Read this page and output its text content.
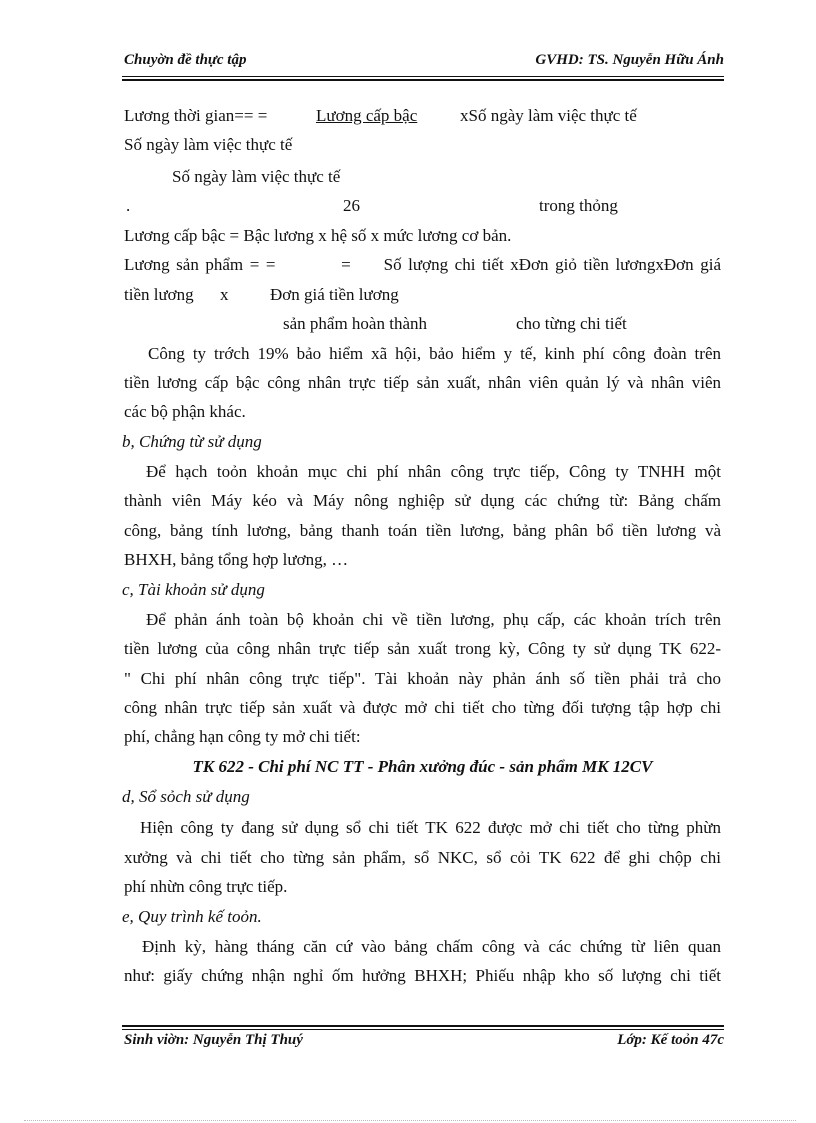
Chuyờn đề thực tập	GVHD: TS. Nguyễn Hữu Ánh
Lương thời gian== =	Lương cấp bậc	xSố ngày làm việc thực tế
Số ngày làm việc thực tế
Số ngày làm việc thực tế
.	26	trong thỏng
Lương cấp bậc = Bậc lương x hệ số x mức lương cơ bản.
Lương sản phẩm = =          =     Số lượng chi tiết xĐơn giỏ tiền lươngxĐơn giá
tiền lương x Đơn giá tiền lương
sản phẩm hoàn thành	cho từng chi tiết
Công ty trớch 19% bảo hiểm xã hội, bảo hiểm y tế, kinh phí công đoàn trên
tiền lương cấp bậc công nhân trực tiếp sản xuất, nhân viên quản lý và nhân viên
các bộ phận khác.
b, Chứng từ sử dụng
Để hạch toỏn khoản mục chi phí nhân công trực tiếp, Công ty TNHH một
thành viên Máy kéo và Máy nông nghiệp sử dụng các chứng từ: Bảng chấm
công, bảng tính lương, bảng thanh toán tiền lương, bảng phân bổ tiền lương và
BHXH, bảng tổng hợp lương, …
c, Tài khoản sử dụng
Để phản ánh toàn bộ khoản chi về tiền lương, phụ cấp, các khoản trích trên
tiền lương của công nhân trực tiếp sản xuất trong kỳ, Công ty sử dụng TK 622-
" Chi phí nhân công trực tiếp". Tài khoản này phản ánh số tiền phải trả cho
công nhân trực tiếp sản xuất và được mở chi tiết cho từng đối tượng tập hợp chi
phí, chẳng hạn công ty mở chi tiết:
TK 622 - Chi phí NC TT - Phân xưởng đúc - sản phẩm MK 12CV
d, Sổ sỏch sử dụng
Hiện công ty đang sử dụng sổ chi tiết TK 622 được mở chi tiết cho từng phừn
xưởng và chi tiết cho từng sản phẩm, sổ NKC, sổ cỏi TK 622 để ghi chộp chi
phí nhừn công trực tiếp.
e, Quy trình kế toỏn.
Định kỳ, hàng tháng căn cứ vào bảng chấm công và các chứng từ liên quan
như: giấy chứng nhận nghỉ ốm hưởng BHXH; Phiếu nhập kho số lượng chi tiết
Sinh viờn: Nguyễn Thị Thuý	Lớp: Kế toỏn 47c
